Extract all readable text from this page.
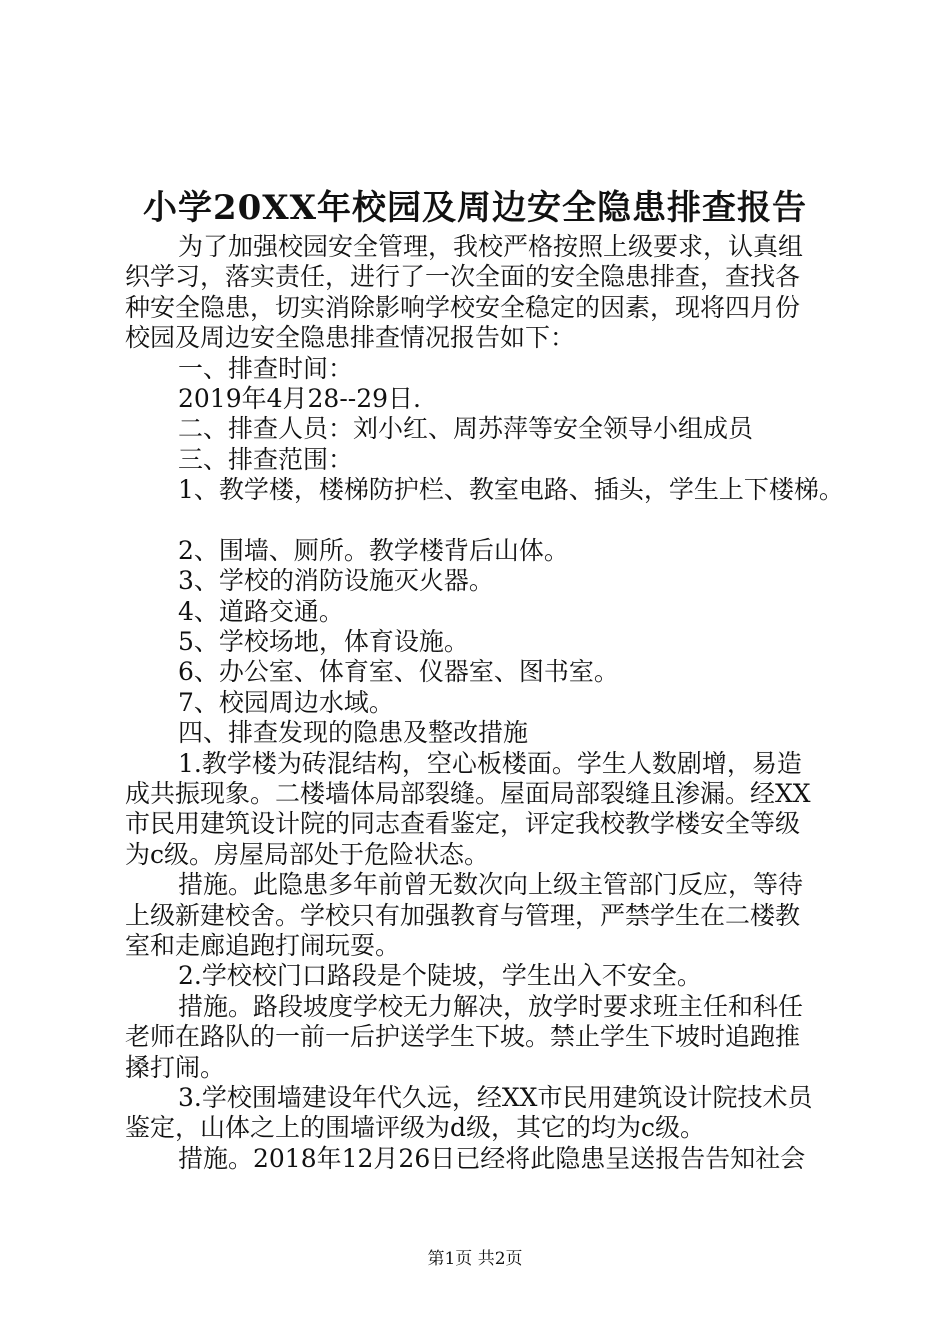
小学20XX年校园及周边安全隐患排查报告
为了加强校园安全管理，我校严格按照上级要求，认真组
织学习，落实责任，进行了一次全面的安全隐患排查，查找各
种安全隐患，切实消除影响学校安全稳定的因素，现将四月份
校园及周边安全隐患排查情况报告如下：
一、排查时间：
2019年4月28--29日.
二、排查人员：刘小红、周苏萍等安全领导小组成员
三、排查范围：
1、教学楼，楼梯防护栏、教室电路、插头，学生上下楼梯。
2、围墙、厕所。教学楼背后山体。
3、学校的消防设施灭火器。
4、道路交通。
5、学校场地，体育设施。
6、办公室、体育室、仪器室、图书室。
7、校园周边水域。
四、排查发现的隐患及整改措施
1.教学楼为砖混结构，空心板楼面。学生人数剧增，易造
成共振现象。二楼墙体局部裂缝。屋面局部裂缝且渗漏。经XX
市民用建筑设计院的同志查看鉴定，评定我校教学楼安全等级
为c级。房屋局部处于危险状态。
措施。此隐患多年前曾无数次向上级主管部门反应，等待
上级新建校舍。学校只有加强教育与管理，严禁学生在二楼教
室和走廊追跑打闹玩耍。
2.学校校门口路段是个陡坡，学生出入不安全。
措施。路段坡度学校无力解决，放学时要求班主任和科任
老师在路队的一前一后护送学生下坡。禁止学生下坡时追跑推
搡打闹。
3.学校围墙建设年代久远，经XX市民用建筑设计院技术员
鉴定，山体之上的围墙评级为d级，其它的均为c级。
措施。2018年12月26日已经将此隐患呈送报告告知社会
第1页 共2页
